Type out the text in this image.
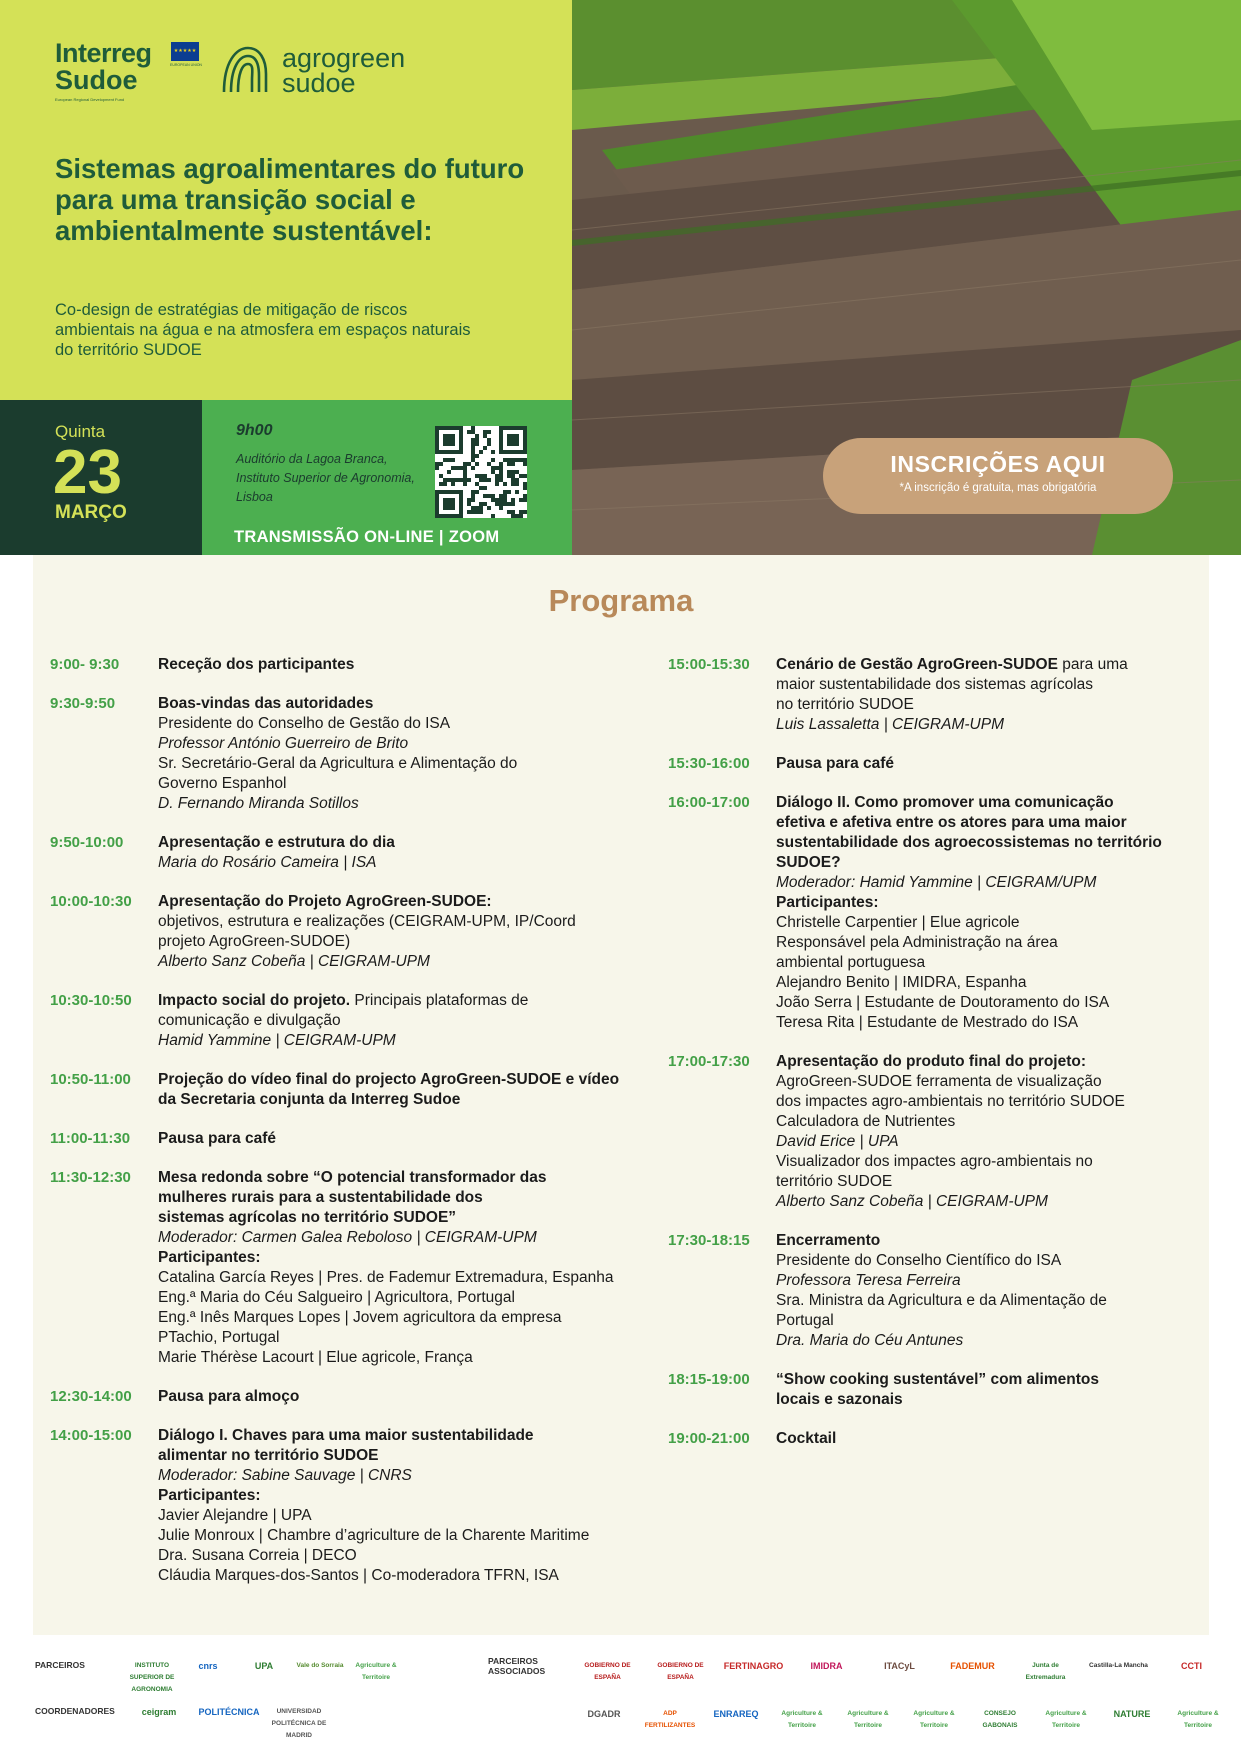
Interreg
Sudoe
European Regional Development Fund
★★★★★
EUROPEAN UNION	agrogreen
sudoe
Sistemas agroalimentares do futuro para uma transição social e ambientalmente sustentável:

Co-design de estratégias de mitigação de riscos ambientais na água e na atmosfera em espaços naturais do território SUDOE

Quinta
23
MARÇO
9h00
Auditório da Lagoa Branca,
Instituto Superior de Agronomia,
Lisboa
TRANSMISSÃO ON-LINE | ZOOM
INSCRIÇÕES AQUI
*A inscrição é gratuita, mas obrigatória
Programa
9:00- 9:30	Receção dos participantes
9:30-9:50	Boas-vindas das autoridades
Presidente do Conselho de Gestão do ISA
Professor António Guerreiro de Brito
Sr. Secretário-Geral da Agricultura e Alimentação do
Governo Espanhol
D. Fernando Miranda Sotillos
9:50-10:00	Apresentação e estrutura do dia
Maria do Rosário Cameira | ISA
10:00-10:30	Apresentação do Projeto AgroGreen-SUDOE:
objetivos, estrutura e realizações (CEIGRAM-UPM, IP/Coord
projeto AgroGreen-SUDOE)
Alberto Sanz Cobeña | CEIGRAM-UPM
10:30-10:50	Impacto social do projeto. Principais plataformas de
comunicação e divulgação
Hamid Yammine | CEIGRAM-UPM
10:50-11:00	Projeção do vídeo final do projecto AgroGreen-SUDOE e vídeo
da Secretaria conjunta da Interreg Sudoe
11:00-11:30	Pausa para café
11:30-12:30	Mesa redonda sobre “O potencial transformador das
mulheres rurais para a sustentabilidade dos
sistemas agrícolas no território SUDOE”
Moderador: Carmen Galea Reboloso | CEIGRAM-UPM
Participantes:
Catalina García Reyes | Pres. de Fademur Extremadura, Espanha
Eng.ª Maria do Céu Salgueiro | Agricultora, Portugal
Eng.ª Inês Marques Lopes | Jovem agricultora da empresa
PTachio, Portugal
Marie Thérèse Lacourt | Elue agricole, França
12:30-14:00	Pausa para almoço
14:00-15:00	Diálogo I. Chaves para uma maior sustentabilidade
alimentar no território SUDOE
Moderador: Sabine Sauvage | CNRS
Participantes:
Javier Alejandre | UPA
Julie Monroux | Chambre d’agriculture de la Charente Maritime
Dra. Susana Correia | DECO
Cláudia Marques-dos-Santos | Co-moderadora TFRN, ISA
15:00-15:30	Cenário de Gestão AgroGreen-SUDOE para uma
maior sustentabilidade dos sistemas agrícolas
no território SUDOE
Luis Lassaletta | CEIGRAM-UPM
15:30-16:00	Pausa para café
16:00-17:00	Diálogo II. Como promover uma comunicação
efetiva e afetiva entre os atores para uma maior
sustentabilidade dos agroecossistemas no território
SUDOE?
Moderador: Hamid Yammine | CEIGRAM/UPM
Participantes:
Christelle Carpentier | Elue agricole
Responsável pela Administração na área
ambiental portuguesa
Alejandro Benito | IMIDRA, Espanha
João Serra | Estudante de Doutoramento do ISA
Teresa Rita | Estudante de Mestrado do ISA
17:00-17:30	Apresentação do produto final do projeto:
AgroGreen-SUDOE ferramenta de visualização
dos impactes agro-ambientais no território SUDOE
Calculadora de Nutrientes
David Erice | UPA
Visualizador dos impactes agro-ambientais no
território SUDOE
Alberto Sanz Cobeña | CEIGRAM-UPM
17:30-18:15	Encerramento
Presidente do Conselho Científico do ISA
Professora Teresa Ferreira
Sra. Ministra da Agricultura e da Alimentação de
Portugal
Dra. Maria do Céu Antunes
18:15-19:00	“Show cooking sustentável” com alimentos
locais e sazonais
19:00-21:00	Cocktail
PARCEIROS	PARCEIROS
ASSOCIADOS
COORDENADORES
INSTITUTO SUPERIOR DE AGRONOMIA
cnrs	UPA	Vale do Sorraia	Agriculture & Territoire
GOBIERNO DE ESPAÑA
GOBIERNO DE ESPAÑA
FERTINAGRO	IMIDRA	ITACyL	FADEMUR	Junta de Extremadura
Castilla-La Mancha	CCTI
ceigram	POLITÉCNICA	UNIVERSIDAD POLITÉCNICA DE MADRID
DGADR	ADP FERTILIZANTES
ENRAREQ	Agriculture & Territoire
Agriculture & Territoire
Agriculture & Territoire
CONSEJO GABONAIS
Agriculture & Territoire
NATURE	Agriculture & Territoire
